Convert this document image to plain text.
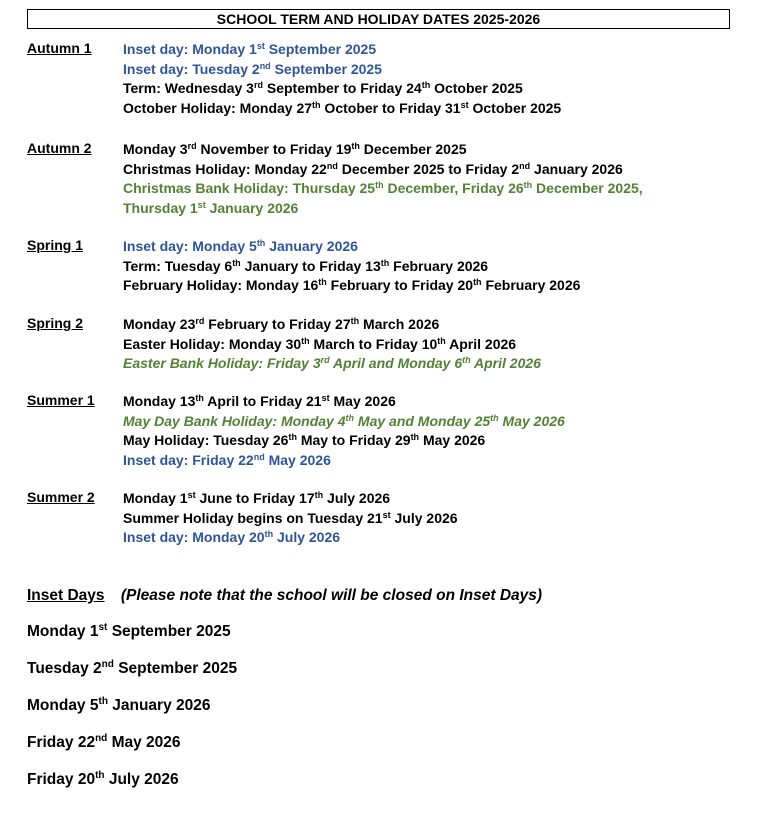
SCHOOL TERM AND HOLIDAY DATES 2025-2026
Autumn 1 Inset day: Monday 1st September 2025
Inset day: Tuesday 2nd September 2025
Term: Wednesday 3rd September to Friday 24th October 2025
October Holiday: Monday 27th October to Friday 31st October 2025
Autumn 2 Monday 3rd November to Friday 19th December 2025
Christmas Holiday: Monday 22nd December 2025 to Friday 2nd January 2026
Christmas Bank Holiday: Thursday 25th December, Friday 26th December 2025,
Thursday 1st January 2026
Spring 1	Inset day: Monday 5th January 2026
Term: Tuesday 6th January to Friday 13th February 2026
February Holiday: Monday 16th February to Friday 20th February 2026
Spring 2	Monday 23rd February to Friday 27th March 2026
Easter Holiday: Monday 30th March to Friday 10th April 2026
Easter Bank Holiday: Friday 3rd April and Monday 6th April 2026
Summer 1 Monday 13th April to Friday 21st May 2026
May Day Bank Holiday: Monday 4th May and Monday 25th May 2026
May Holiday: Tuesday 26th May to Friday 29th May 2026
Inset day: Friday 22nd May 2026
Summer 2 Monday 1st June to Friday 17th July 2026
Summer Holiday begins on Tuesday 21st July 2026
Inset day: Monday 20th July 2026
Inset Days (Please note that the school will be closed on Inset Days)
Monday 1st September 2025
Tuesday 2nd September 2025
Monday 5th January 2026
Friday 22nd May 2026
Friday 20th July 2026
